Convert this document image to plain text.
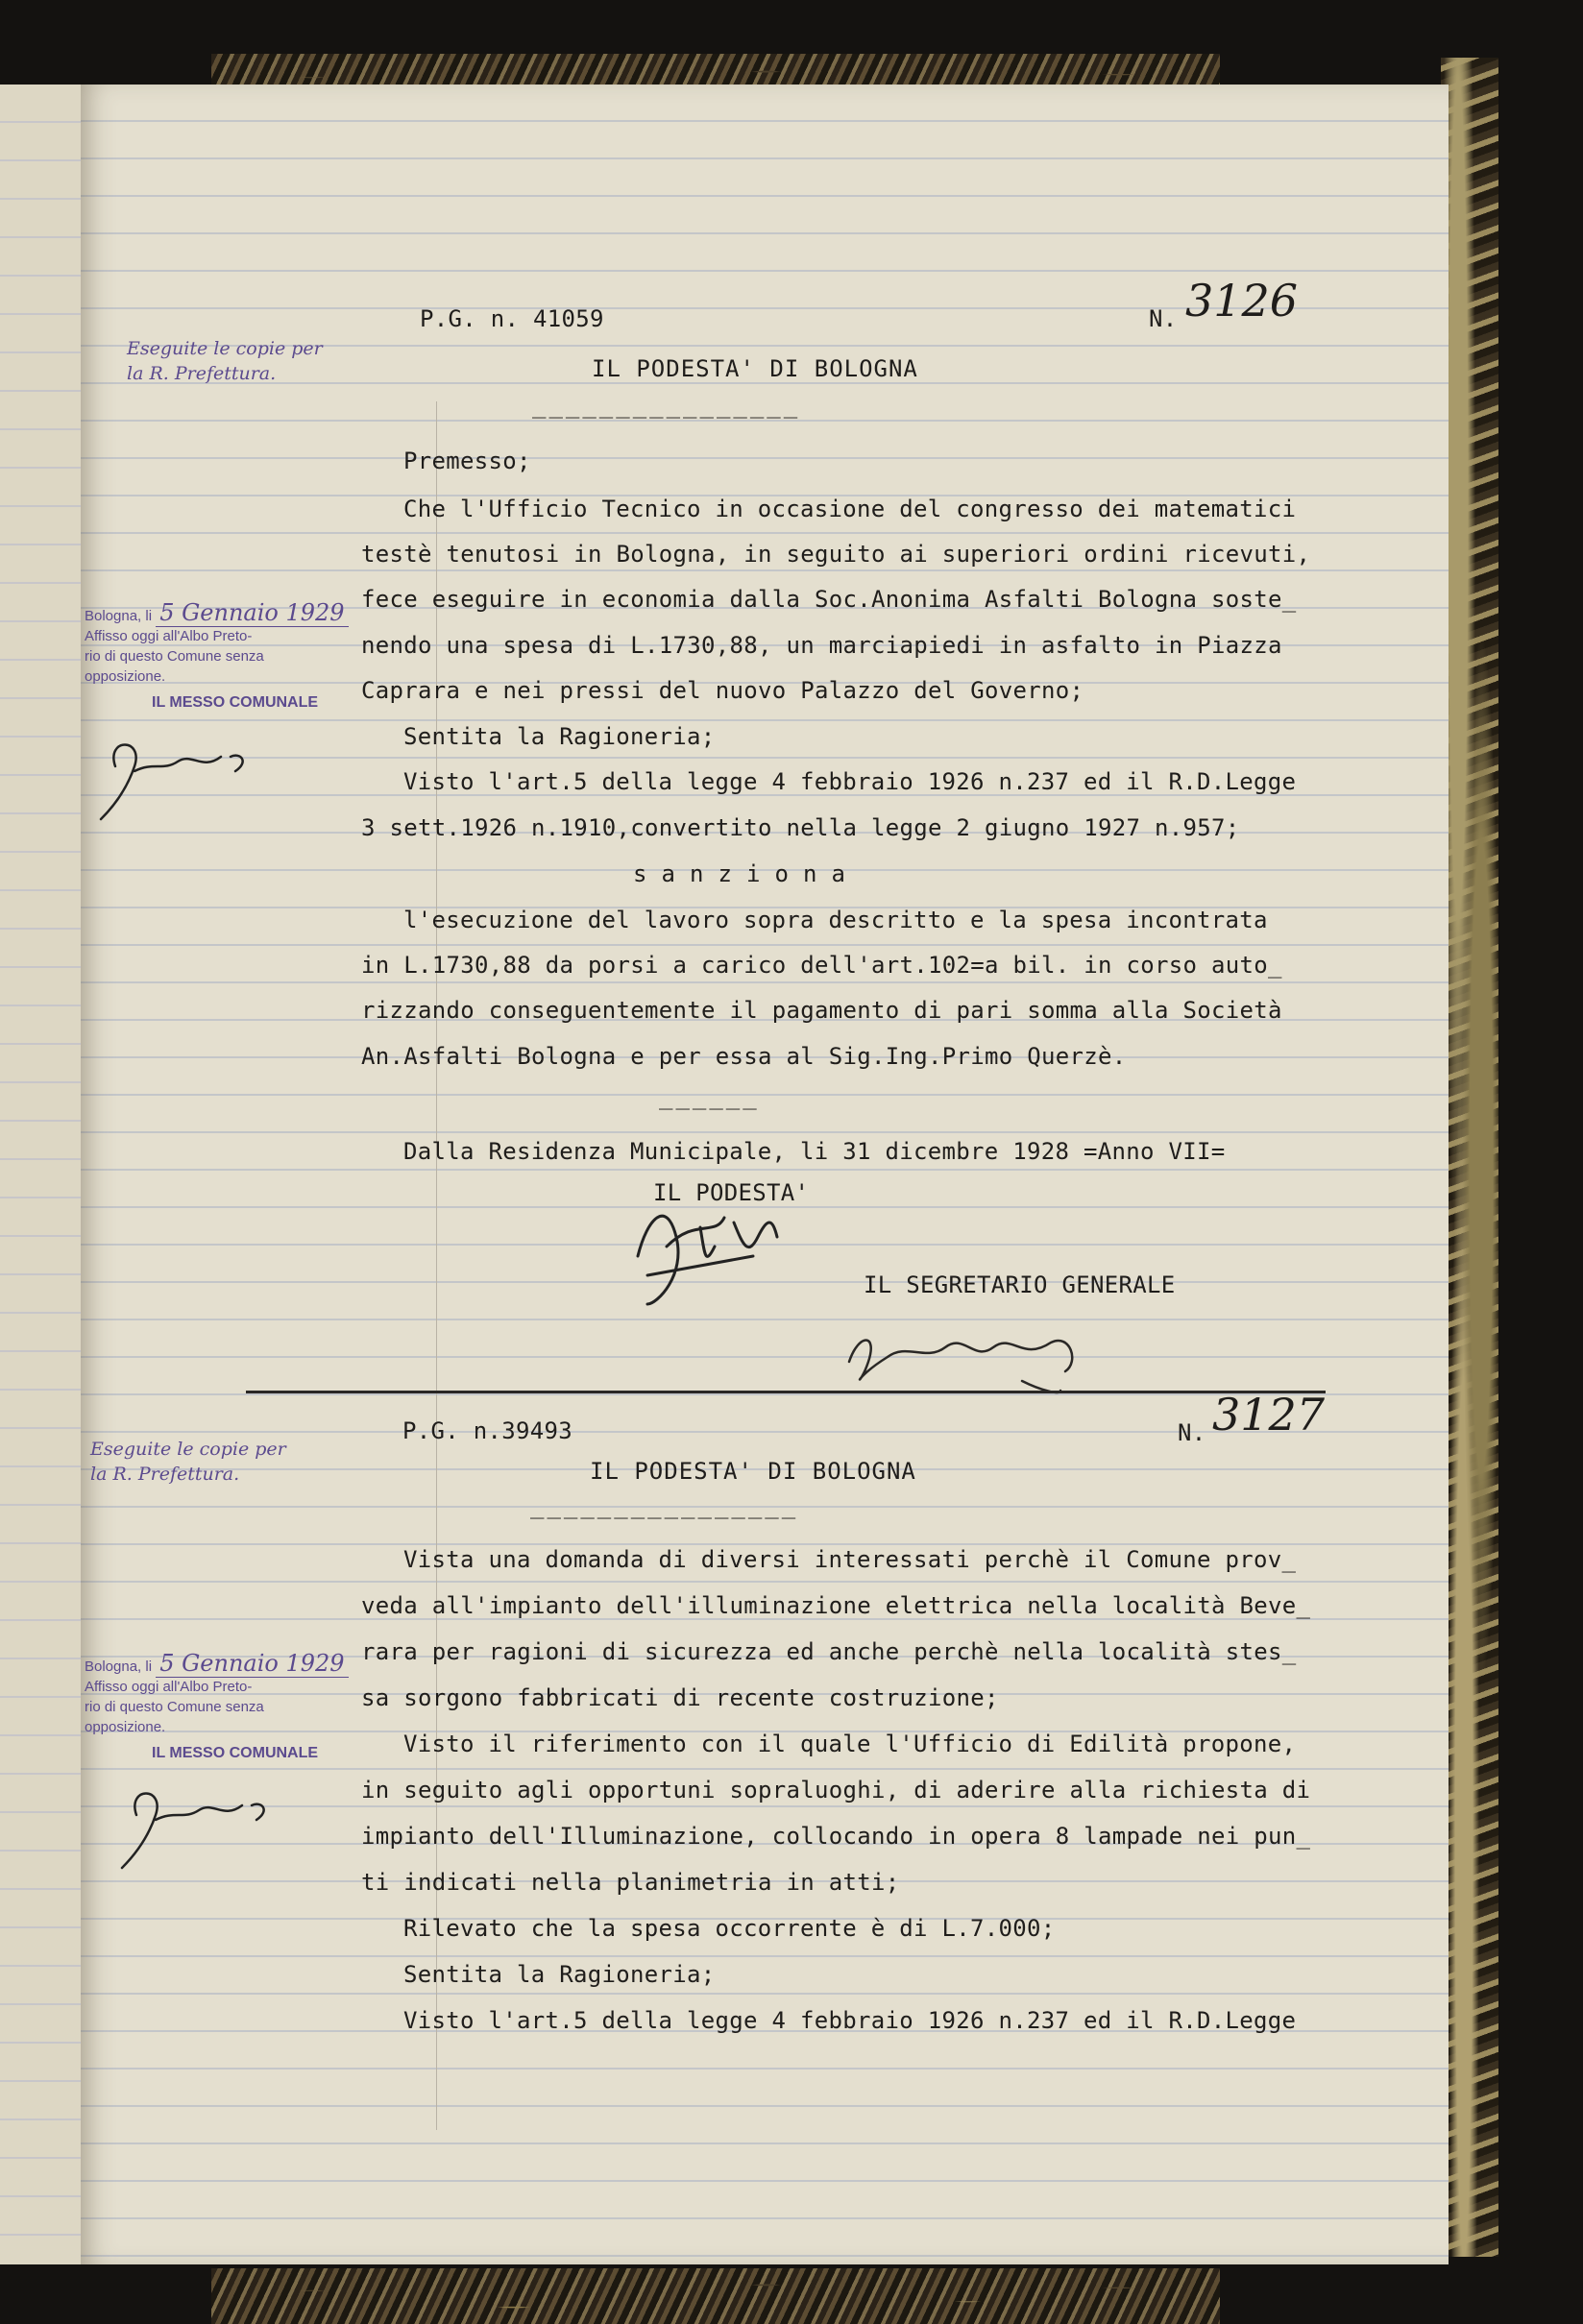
P.G. n. 41059	N. 3126
IL PODESTA' DI BOLOGNA
________________
Premesso;
Che l'Ufficio Tecnico in occasione del congresso dei matematici
testè tenutosi in Bologna, in seguito ai superiori ordini ricevuti,
fece eseguire in economia dalla Soc.Anonima Asfalti Bologna soste_
nendo una spesa di L.1730,88, un marciapiedi in asfalto in Piazza
Caprara e nei pressi del nuovo Palazzo del Governo;
Sentita la Ragioneria;
Visto l'art.5 della legge 4 febbraio 1926 n.237 ed il R.D.Legge
3 sett.1926 n.1910,convertito nella legge 2 giugno 1927 n.957;
s a n z i o n a
l'esecuzione del lavoro sopra descritto e la spesa incontrata
in L.1730,88 da porsi a carico dell'art.102=a bil. in corso auto_
rizzando conseguentemente il pagamento di pari somma alla Società
An.Asfalti Bologna e per essa al Sig.Ing.Primo Querzè.
______
Dalla Residenza Municipale, li 31 dicembre 1928 =Anno VII=
IL PODESTA'
IL SEGRETARIO GENERALE
Eseguite le copie per
la R. Prefettura.
Bologna, li 5 Gennaio 1929
Affisso oggi all'Albo Preto-
rio di questo Comune senza
opposizione.
IL MESSO COMUNALE
P.G. n.39493	N. 3127
IL PODESTA' DI BOLOGNA
________________
Vista una domanda di diversi interessati perchè il Comune prov_
veda all'impianto dell'illuminazione elettrica nella località Beve_
rara per ragioni di sicurezza ed anche perchè nella località stes_
sa sorgono fabbricati di recente costruzione;
Visto il riferimento con il quale l'Ufficio di Edilità propone,
in seguito agli opportuni sopraluoghi, di aderire alla richiesta di
impianto dell'Illuminazione, collocando in opera 8 lampade nei pun_
ti indicati nella planimetria in atti;
Rilevato che la spesa occorrente è di L.7.000;
Sentita la Ragioneria;
Visto l'art.5 della legge 4 febbraio 1926 n.237 ed il R.D.Legge
Eseguite le copie per
la R. Prefettura.
Bologna, li 5 Gennaio 1929
Affisso oggi all'Albo Preto-
rio di questo Comune senza
opposizione.
IL MESSO COMUNALE
